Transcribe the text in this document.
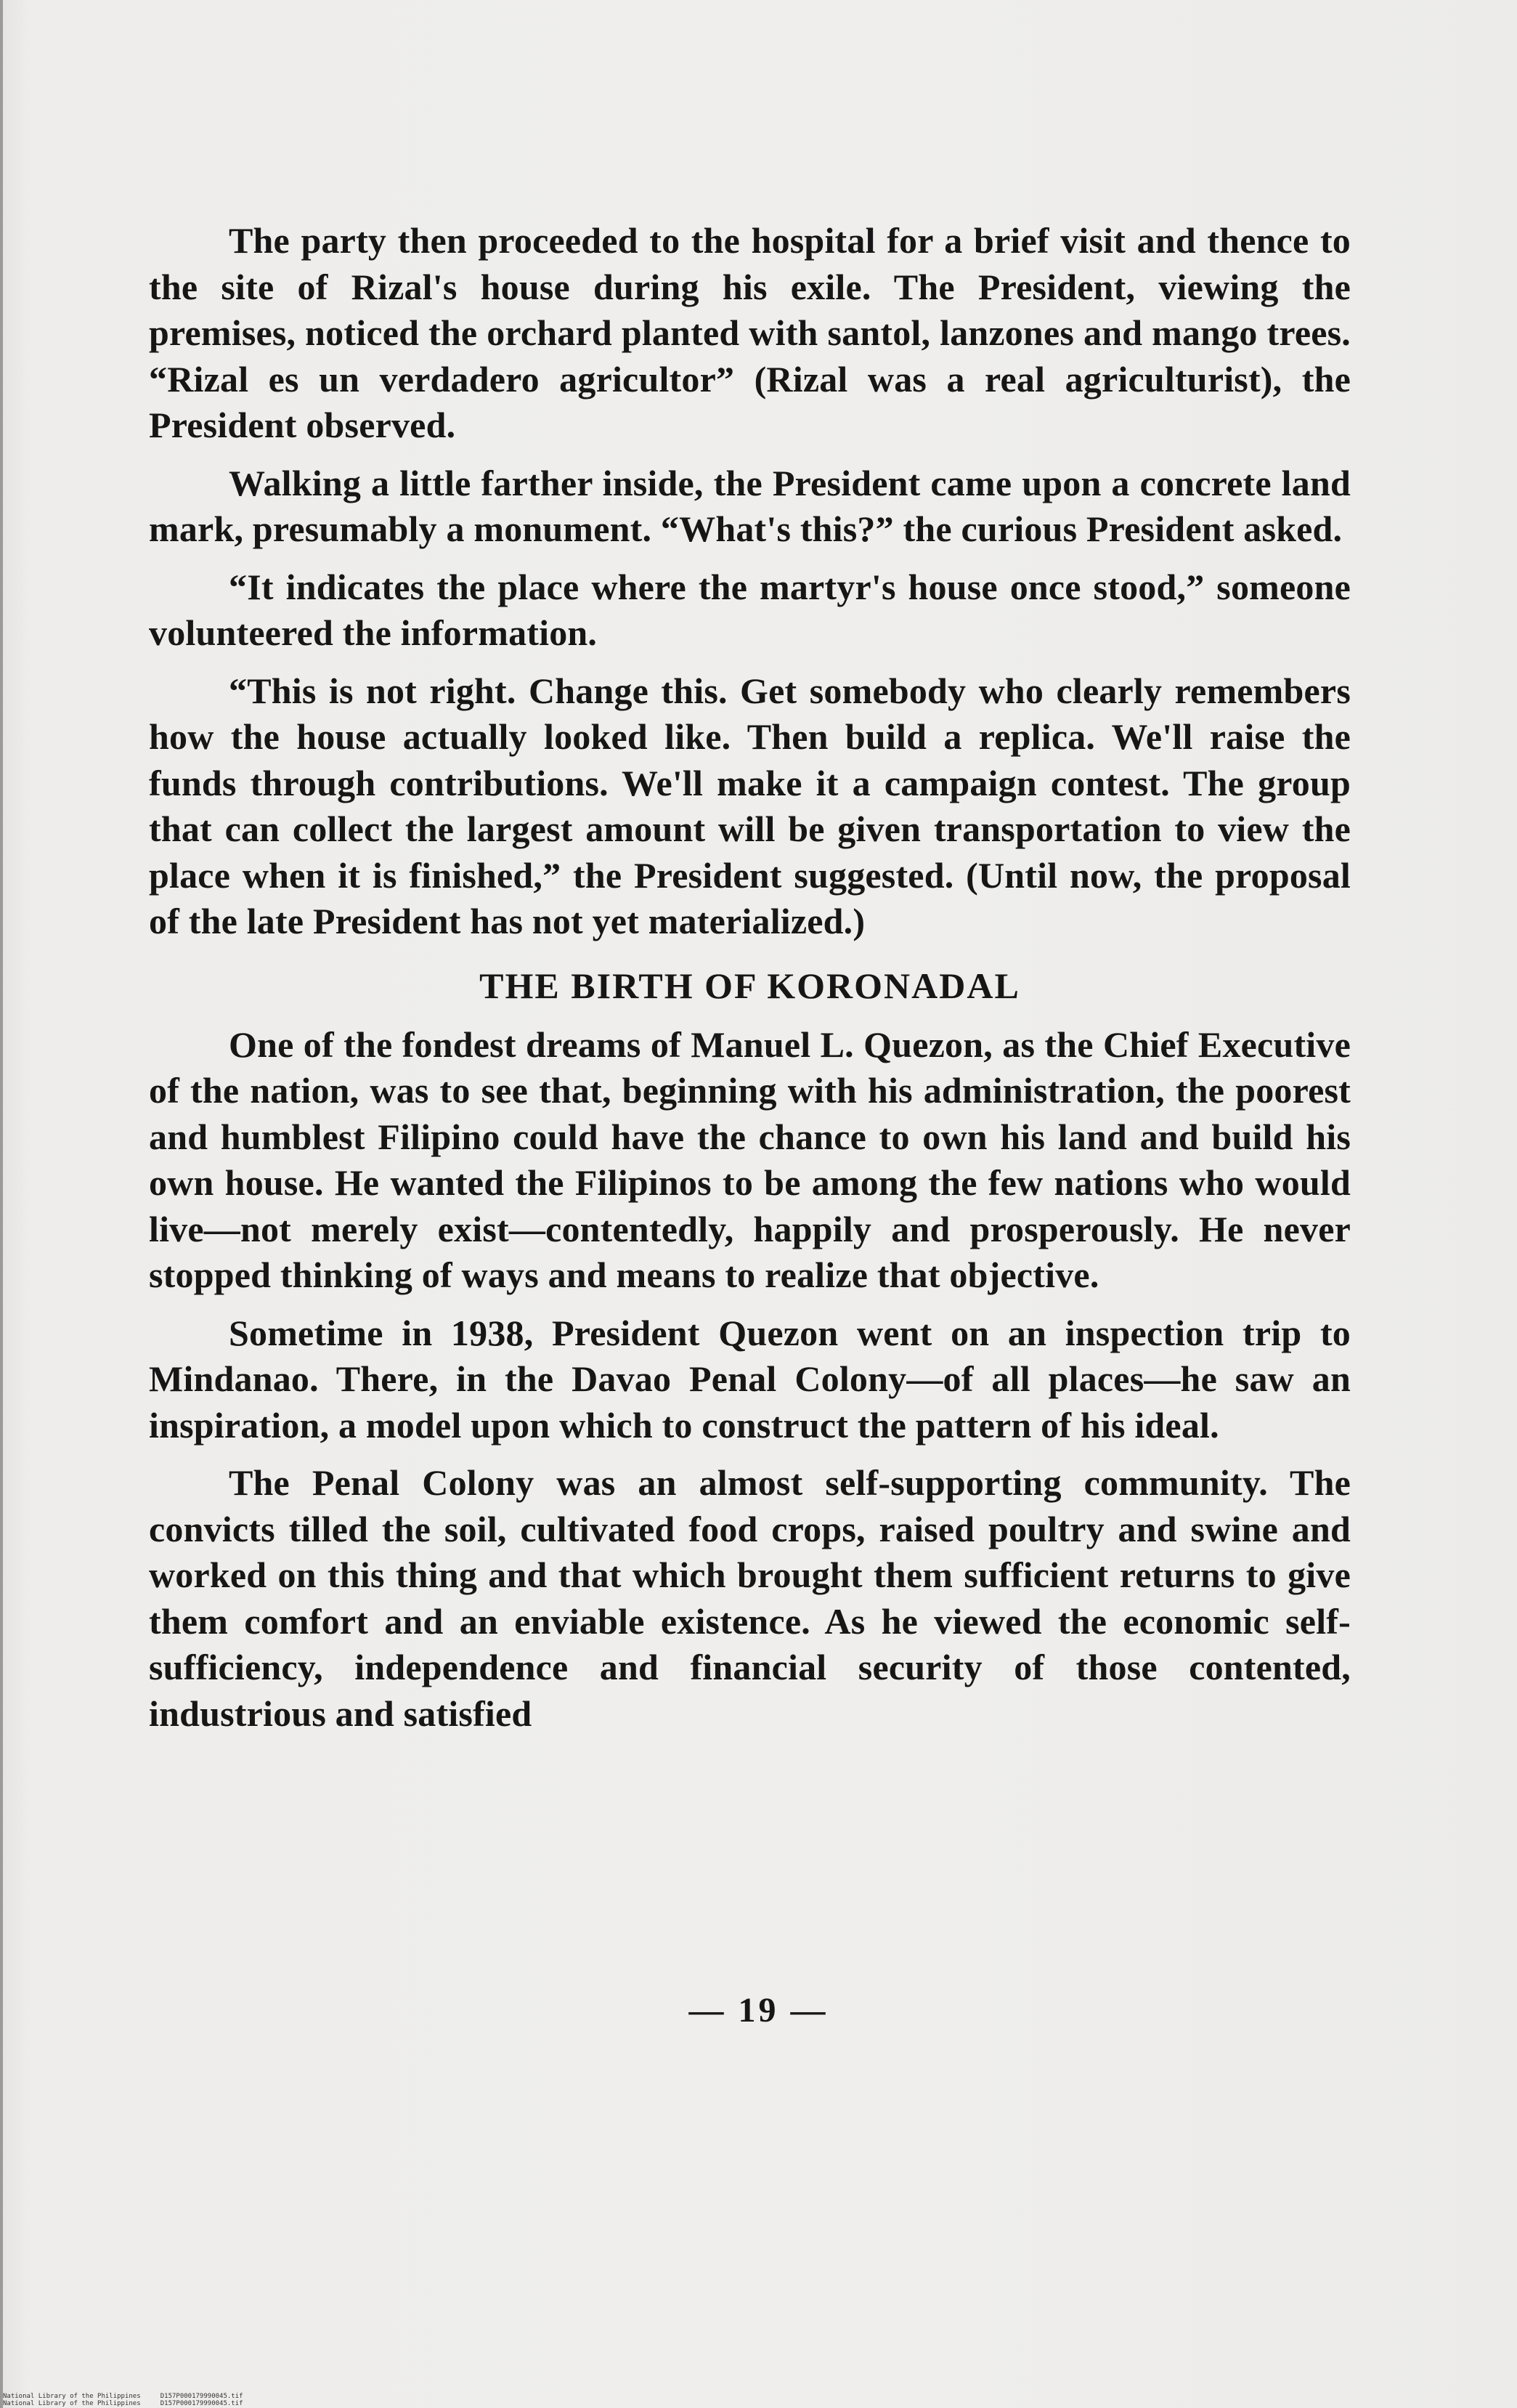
The party then proceeded to the hospital for a brief visit and thence to the site of Rizal's house during his exile. The President, viewing the premises, noticed the orchard planted with santol, lanzones and mango trees. “Rizal es un verdadero agricultor” (Rizal was a real agriculturist), the President observed.

Walking a little farther inside, the President came upon a concrete land mark, presumably a monument. “What's this?” the curious President asked.

“It indicates the place where the martyr's house once stood,” someone volunteered the information.

“This is not right. Change this. Get somebody who clearly remembers how the house actually looked like. Then build a replica. We'll raise the funds through contributions. We'll make it a campaign contest. The group that can collect the largest amount will be given transportation to view the place when it is finished,” the President suggested. (Until now, the proposal of the late President has not yet materialized.)

THE BIRTH OF KORONADAL

One of the fondest dreams of Manuel L. Quezon, as the Chief Executive of the nation, was to see that, beginning with his administration, the poorest and humblest Filipino could have the chance to own his land and build his own house. He wanted the Filipinos to be among the few nations who would live—not merely exist—contentedly, happily and prosperously. He never stopped thinking of ways and means to realize that objective.

Sometime in 1938, President Quezon went on an inspection trip to Mindanao. There, in the Davao Penal Colony—of all places—he saw an inspiration, a model upon which to construct the pattern of his ideal.

The Penal Colony was an almost self-supporting community. The convicts tilled the soil, cultivated food crops, raised poultry and swine and worked on this thing and that which brought them sufficient returns to give them comfort and an enviable existence. As he viewed the economic self-sufficiency, independence and financial security of those contented, industrious and satisfied

— 19 —
National Library of the Philippines	D157P000179990045.tif
National Library of the Philippines	D157P000179990045.tif
